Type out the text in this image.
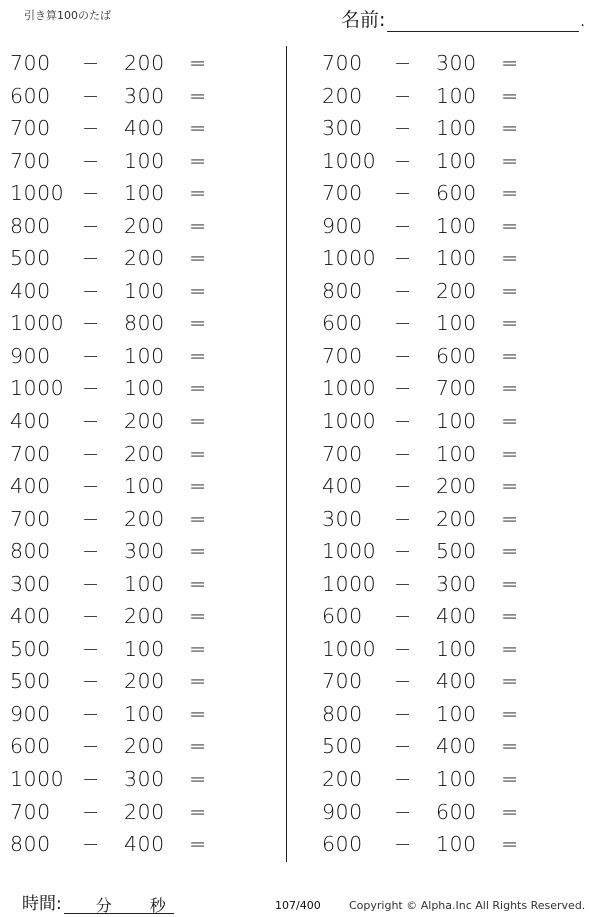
引き算100のたば	名前:	.
700	− 200	=
600	− 300	=
700	− 400	=
700	− 100	=
1000 − 100	=
800	− 200	=
500	− 200	=
400	− 100	=
1000 − 800	=
900	− 100	=
1000 − 100	=
400	− 200	=
700	− 200	=
400	− 100	=
700	− 200	=
800	− 300	=
300	− 100	=
400	− 200	=
500	− 100	=
500	− 200	=
900	− 100	=
600	− 200	=
1000 − 300	=
700	− 200	=
800	− 400	=
700	− 300	=
200	− 100	=
300	− 100	=
1000 − 100	=
700	− 600	=
900	− 100	=
1000 − 100	=
800	− 200	=
600	− 100	=
700	− 600	=
1000 − 700	=
1000 − 100	=
700	− 100	=
400	− 200	=
300	− 200	=
1000 − 500	=
1000 − 300	=
600	− 400	=
1000 − 100	=
700	− 400	=
800	− 100	=
500	− 400	=
200	− 100	=
900	− 600	=
600	− 100	=
時間: 分 秒	107/400	Copyright © Alpha.Inc All Rights Reserved.
